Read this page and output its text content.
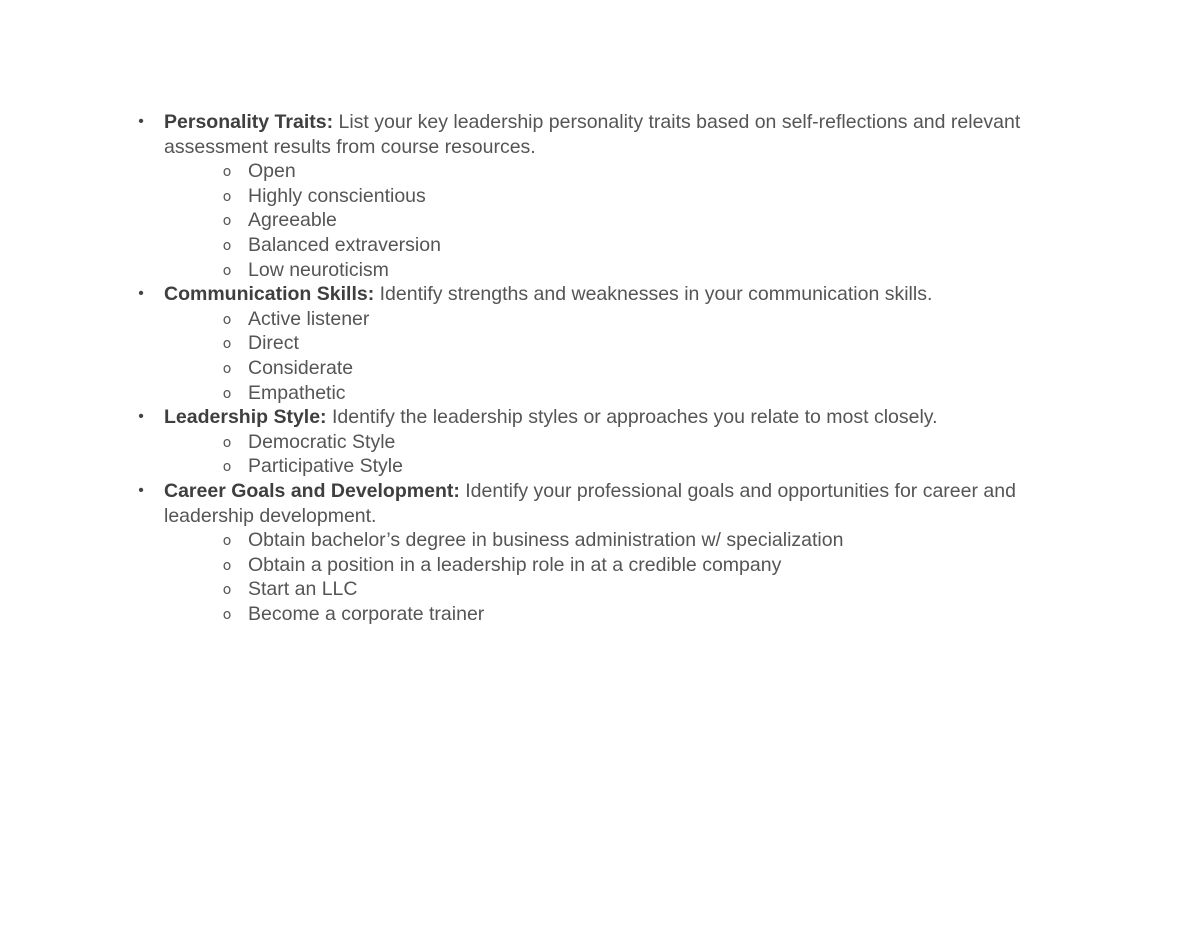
•
Personality Traits: List your key leadership personality traits based on self-reflections and relevant assessment results from course resources.
o
Open
o
Highly conscientious
o
Agreeable
o
Balanced extraversion
o
Low neuroticism
•
Communication Skills: Identify strengths and weaknesses in your communication skills.
o
Active listener
o
Direct
o
Considerate
o
Empathetic
•
Leadership Style: Identify the leadership styles or approaches you relate to most closely.
o
Democratic Style
o
Participative Style
•
Career Goals and Development: Identify your professional goals and opportunities for career and leadership development.
o
Obtain bachelor’s degree in business administration w/ specialization
o
Obtain a position in a leadership role in at a credible company
o
Start an LLC
o
Become a corporate trainer
